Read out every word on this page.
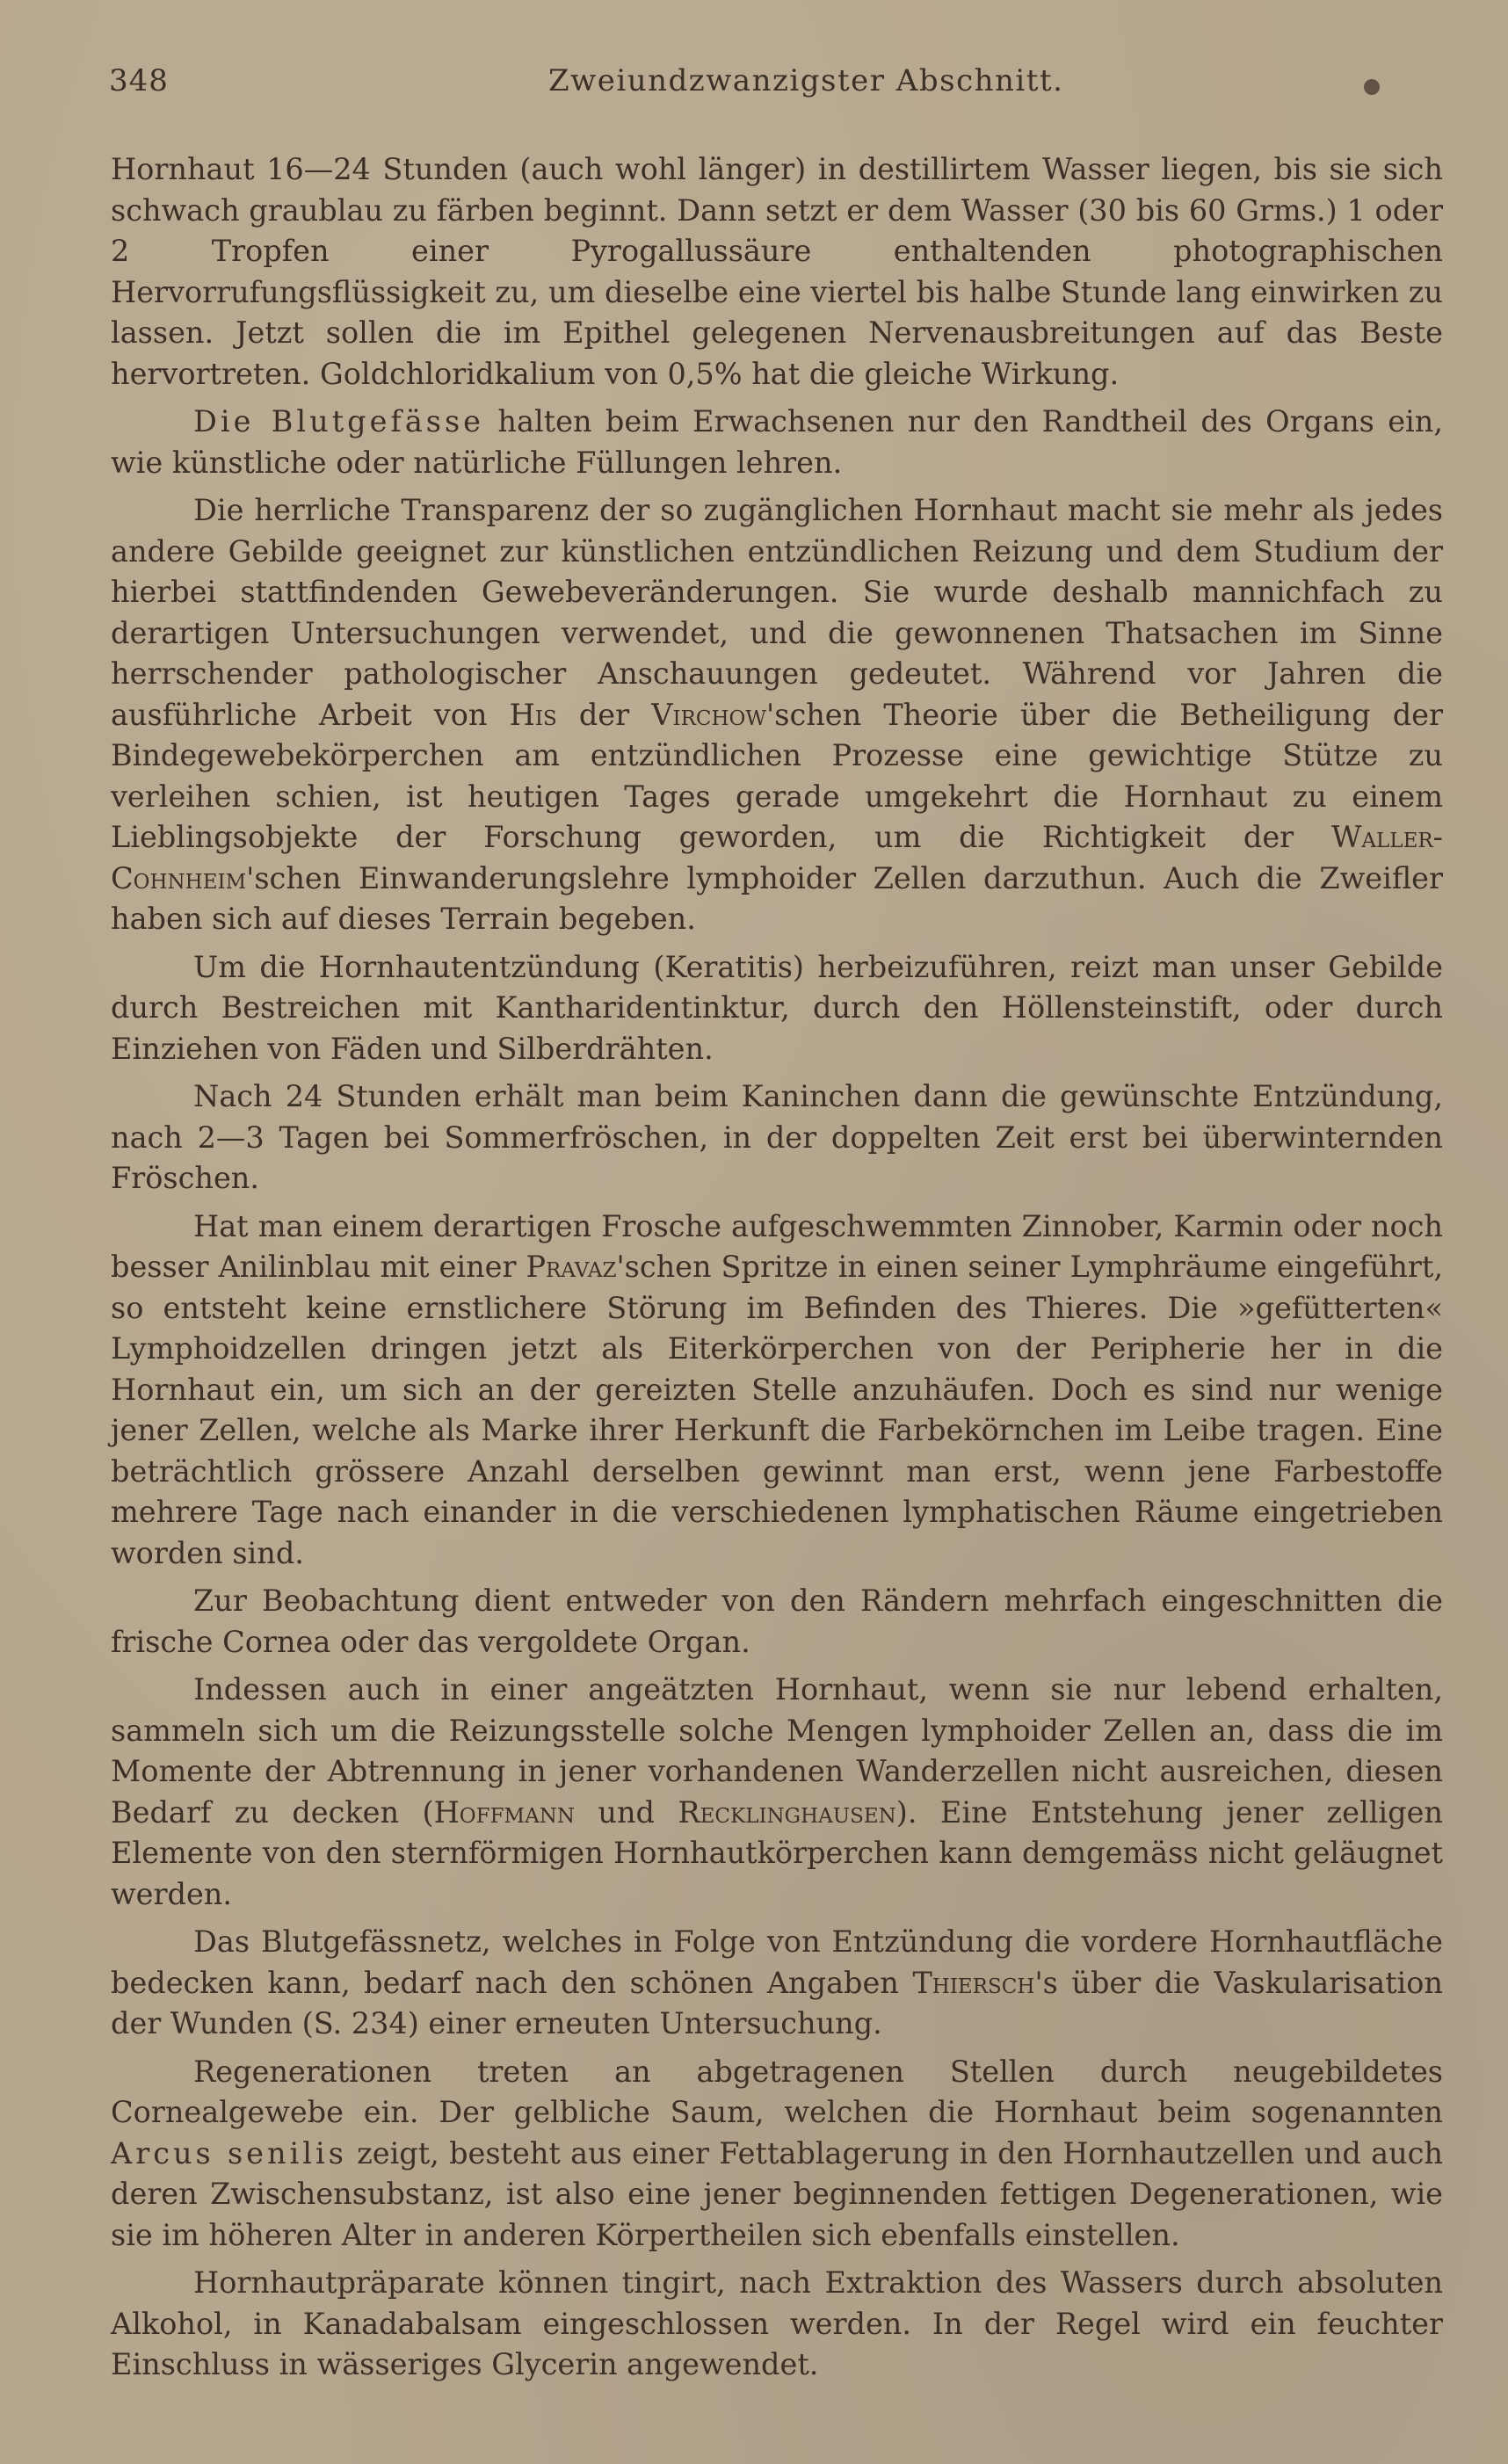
348	Zweiundzwanzigster Abschnitt.

Hornhaut 16—24 Stunden (auch wohl länger) in destillirtem Wasser liegen, bis sie sich schwach graublau zu färben beginnt. Dann setzt er dem Wasser (30 bis 60 Grms.) 1 oder 2 Tropfen einer Pyrogallussäure enthaltenden photographischen Hervorrufungsflüssigkeit zu, um dieselbe eine viertel bis halbe Stunde lang einwirken zu lassen. Jetzt sollen die im Epithel gelegenen Nervenausbreitungen auf das Beste hervortreten. Goldchloridkalium von 0,5% hat die gleiche Wirkung.

Die Blutgefässe halten beim Erwachsenen nur den Randtheil des Organs ein, wie künstliche oder natürliche Füllungen lehren.

Die herrliche Transparenz der so zugänglichen Hornhaut macht sie mehr als jedes andere Gebilde geeignet zur künstlichen entzündlichen Reizung und dem Studium der hierbei stattfindenden Gewebeveränderungen. Sie wurde deshalb mannichfach zu derartigen Untersuchungen verwendet, und die gewonnenen Thatsachen im Sinne herrschender pathologischer Anschauungen gedeutet. Während vor Jahren die ausführliche Arbeit von His der Virchow'schen Theorie über die Betheiligung der Bindegewebekörperchen am entzündlichen Prozesse eine gewichtige Stütze zu verleihen schien, ist heutigen Tages gerade umgekehrt die Hornhaut zu einem Lieblingsobjekte der Forschung geworden, um die Richtigkeit der Waller-Cohnheim'schen Einwanderungslehre lymphoider Zellen darzuthun. Auch die Zweifler haben sich auf dieses Terrain begeben.

Um die Hornhautentzündung (Keratitis) herbeizuführen, reizt man unser Gebilde durch Bestreichen mit Kantharidentinktur, durch den Höllensteinstift, oder durch Einziehen von Fäden und Silberdrähten.

Nach 24 Stunden erhält man beim Kaninchen dann die gewünschte Entzündung, nach 2—3 Tagen bei Sommerfröschen, in der doppelten Zeit erst bei überwinternden Fröschen.

Hat man einem derartigen Frosche aufgeschwemmten Zinnober, Karmin oder noch besser Anilinblau mit einer Pravaz'schen Spritze in einen seiner Lymphräume eingeführt, so entsteht keine ernstlichere Störung im Befinden des Thieres. Die »gefütterten« Lymphoidzellen dringen jetzt als Eiterkörperchen von der Peripherie her in die Hornhaut ein, um sich an der gereizten Stelle anzuhäufen. Doch es sind nur wenige jener Zellen, welche als Marke ihrer Herkunft die Farbekörnchen im Leibe tragen. Eine beträchtlich grössere Anzahl derselben gewinnt man erst, wenn jene Farbestoffe mehrere Tage nach einander in die verschiedenen lymphatischen Räume eingetrieben worden sind.

Zur Beobachtung dient entweder von den Rändern mehrfach eingeschnitten die frische Cornea oder das vergoldete Organ.

Indessen auch in einer angeätzten Hornhaut, wenn sie nur lebend erhalten, sammeln sich um die Reizungsstelle solche Mengen lymphoider Zellen an, dass die im Momente der Abtrennung in jener vorhandenen Wanderzellen nicht ausreichen, diesen Bedarf zu decken (Hoffmann und Recklinghausen). Eine Entstehung jener zelligen Elemente von den sternförmigen Hornhautkörperchen kann demgemäss nicht geläugnet werden.

Das Blutgefässnetz, welches in Folge von Entzündung die vordere Hornhautfläche bedecken kann, bedarf nach den schönen Angaben Thiersch's über die Vaskularisation der Wunden (S. 234) einer erneuten Untersuchung.

Regenerationen treten an abgetragenen Stellen durch neugebildetes Cornealgewebe ein. Der gelbliche Saum, welchen die Hornhaut beim sogenannten Arcus senilis zeigt, besteht aus einer Fettablagerung in den Hornhautzellen und auch deren Zwischensubstanz, ist also eine jener beginnenden fettigen Degenerationen, wie sie im höheren Alter in anderen Körpertheilen sich ebenfalls einstellen.

Hornhautpräparate können tingirt, nach Extraktion des Wassers durch absoluten Alkohol, in Kanadabalsam eingeschlossen werden. In der Regel wird ein feuchter Einschluss in wässeriges Glycerin angewendet.
